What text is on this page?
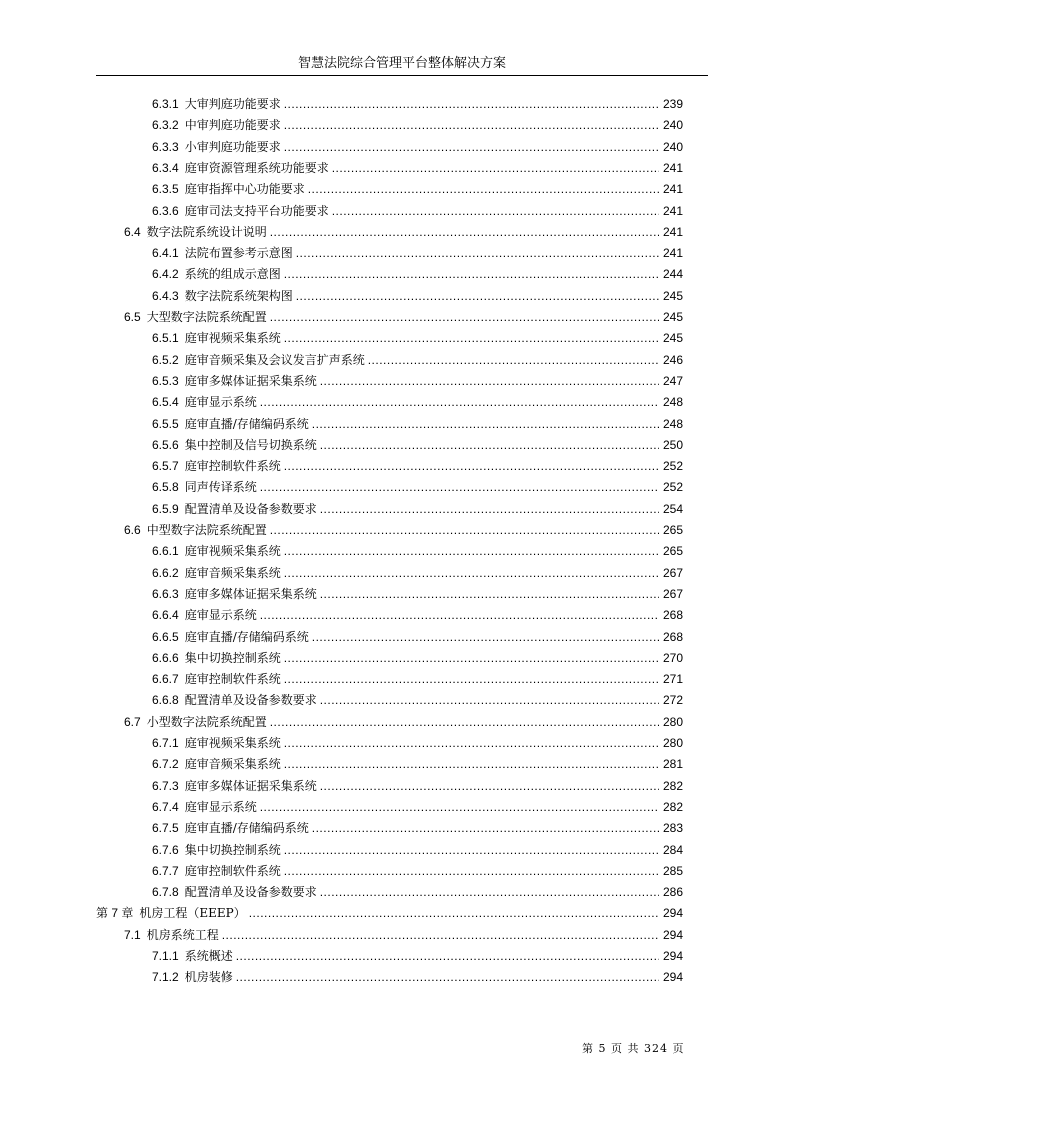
智慧法院综合管理平台整体解决方案
6.3.1 大审判庭功能要求 .....	239
6.3.2 中审判庭功能要求 .....	240
6.3.3 小审判庭功能要求 .....	240
6.3.4 庭审资源管理系统功能要求 .....	241
6.3.5 庭审指挥中心功能要求 .....	241
6.3.6 庭审司法支持平台功能要求 .....	241
6.4 数字法院系统设计说明 .....	241
6.4.1 法院布置参考示意图 .....	241
6.4.2 系统的组成示意图 .....	244
6.4.3 数字法院系统架构图 .....	245
6.5 大型数字法院系统配置 .....	245
6.5.1 庭审视频采集系统 .....	245
6.5.2 庭审音频采集及会议发言扩声系统 .....	246
6.5.3 庭审多媒体证据采集系统 .....	247
6.5.4 庭审显示系统 .....	248
6.5.5 庭审直播/存储编码系统 .....	248
6.5.6 集中控制及信号切换系统 .....	250
6.5.7 庭审控制软件系统 .....	252
6.5.8 同声传译系统 .....	252
6.5.9 配置清单及设备参数要求 .....	254
6.6 中型数字法院系统配置 .....	265
6.6.1 庭审视频采集系统 .....	265
6.6.2 庭审音频采集系统 .....	267
6.6.3 庭审多媒体证据采集系统 .....	267
6.6.4 庭审显示系统 .....	268
6.6.5 庭审直播/存储编码系统 .....	268
6.6.6 集中切换控制系统 .....	270
6.6.7 庭审控制软件系统 .....	271
6.6.8 配置清单及设备参数要求 .....	272
6.7 小型数字法院系统配置 .....	280
6.7.1 庭审视频采集系统 .....	280
6.7.2 庭审音频采集系统 .....	281
6.7.3 庭审多媒体证据采集系统 .....	282
6.7.4 庭审显示系统 .....	282
6.7.5 庭审直播/存储编码系统 .....	283
6.7.6 集中切换控制系统 .....	284
6.7.7 庭审控制软件系统 .....	285
6.7.8 配置清单及设备参数要求 .....	286
第 7 章 机房工程（EEEP） .....	294
7.1 机房系统工程 .....	294
7.1.1 系统概述 .....	294
7.1.2 机房装修 .....	294
第 5 页 共 324 页
